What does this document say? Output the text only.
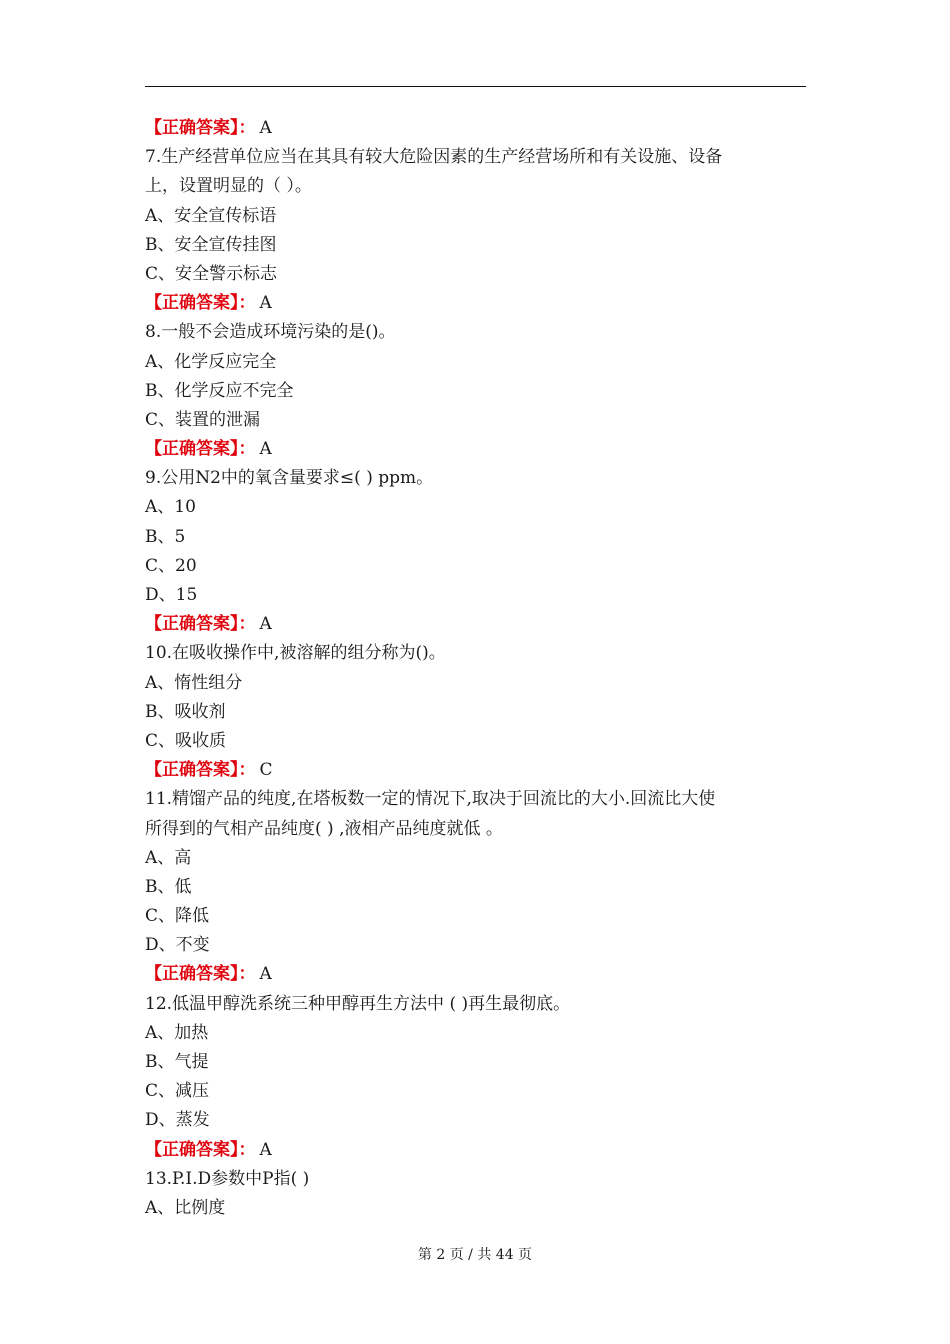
【正确答案】： A
7.生产经营单位应当在其具有较大危险因素的生产经营场所和有关设施、设备
上，设置明显的（ ）。
A、安全宣传标语
B、安全宣传挂图
C、安全警示标志
【正确答案】： A
8.一般不会造成环境污染的是()。
A、化学反应完全
B、化学反应不完全
C、装置的泄漏
【正确答案】： A
9.公用N2中的氧含量要求≤( ) ppm。
A、10
B、5
C、20
D、15
【正确答案】： A
10.在吸收操作中,被溶解的组分称为()。
A、惰性组分
B、吸收剂
C、吸收质
【正确答案】： C
11.精馏产品的纯度,在塔板数一定的情况下,取决于回流比的大小.回流比大使
所得到的气相产品纯度( ) ,液相产品纯度就低 。
A、高
B、低
C、降低
D、不变
【正确答案】： A
12.低温甲醇洗系统三种甲醇再生方法中 ( )再生最彻底。
A、加热
B、气提
C、减压
D、蒸发
【正确答案】： A
13.P.I.D参数中P指( )
A、比例度
第 2 页 / 共 44 页
